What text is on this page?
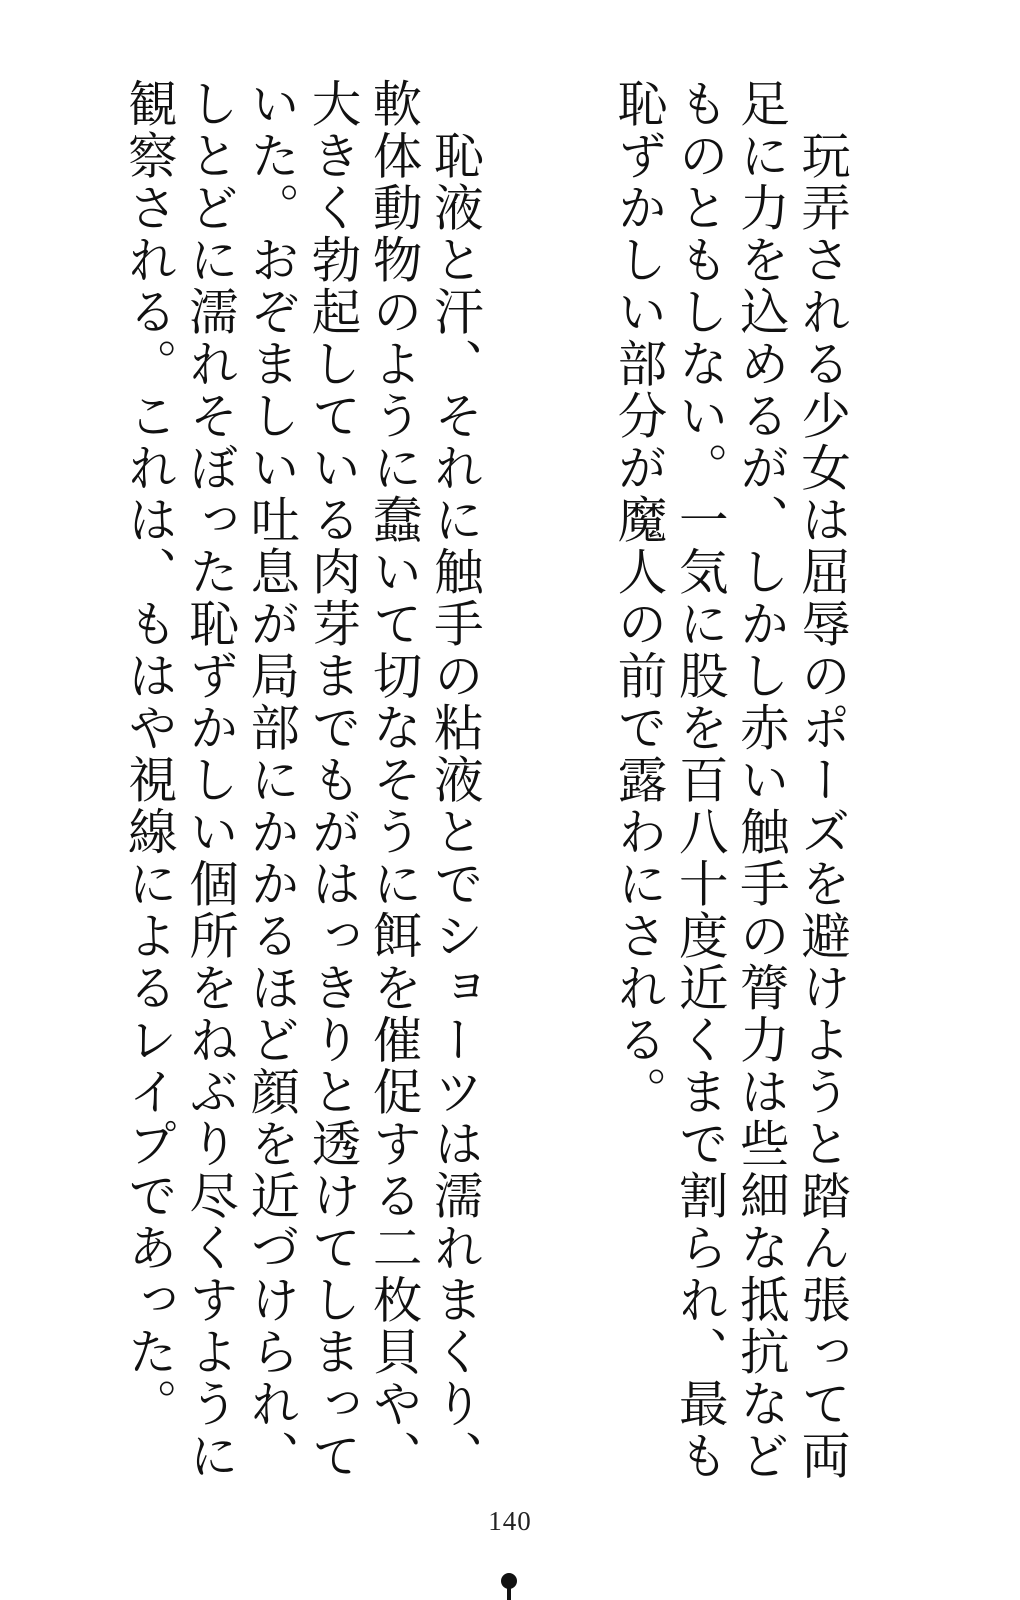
　玩弄される少女は屈辱のポーズを避けようと踏ん張って両足に力を込めるが、しかし赤い触手の膂力は些細な抵抗などものともしない。一気に股を百八十度近くまで割られ、最も恥ずかしい部分が魔人の前で露わにされる。

　恥液と汗、それに触手の粘液とでショーツは濡れまくり、軟体動物のように蠢いて切なそうに餌を催促する二枚貝や、大きく勃起している肉芽までもがはっきりと透けてしまっていた。おぞましい吐息が局部にかかるほど顔を近づけられ、しとどに濡れそぼった恥ずかしい個所をねぶり尽くすように観察される。これは、もはや視線によるレイプであった。

140
